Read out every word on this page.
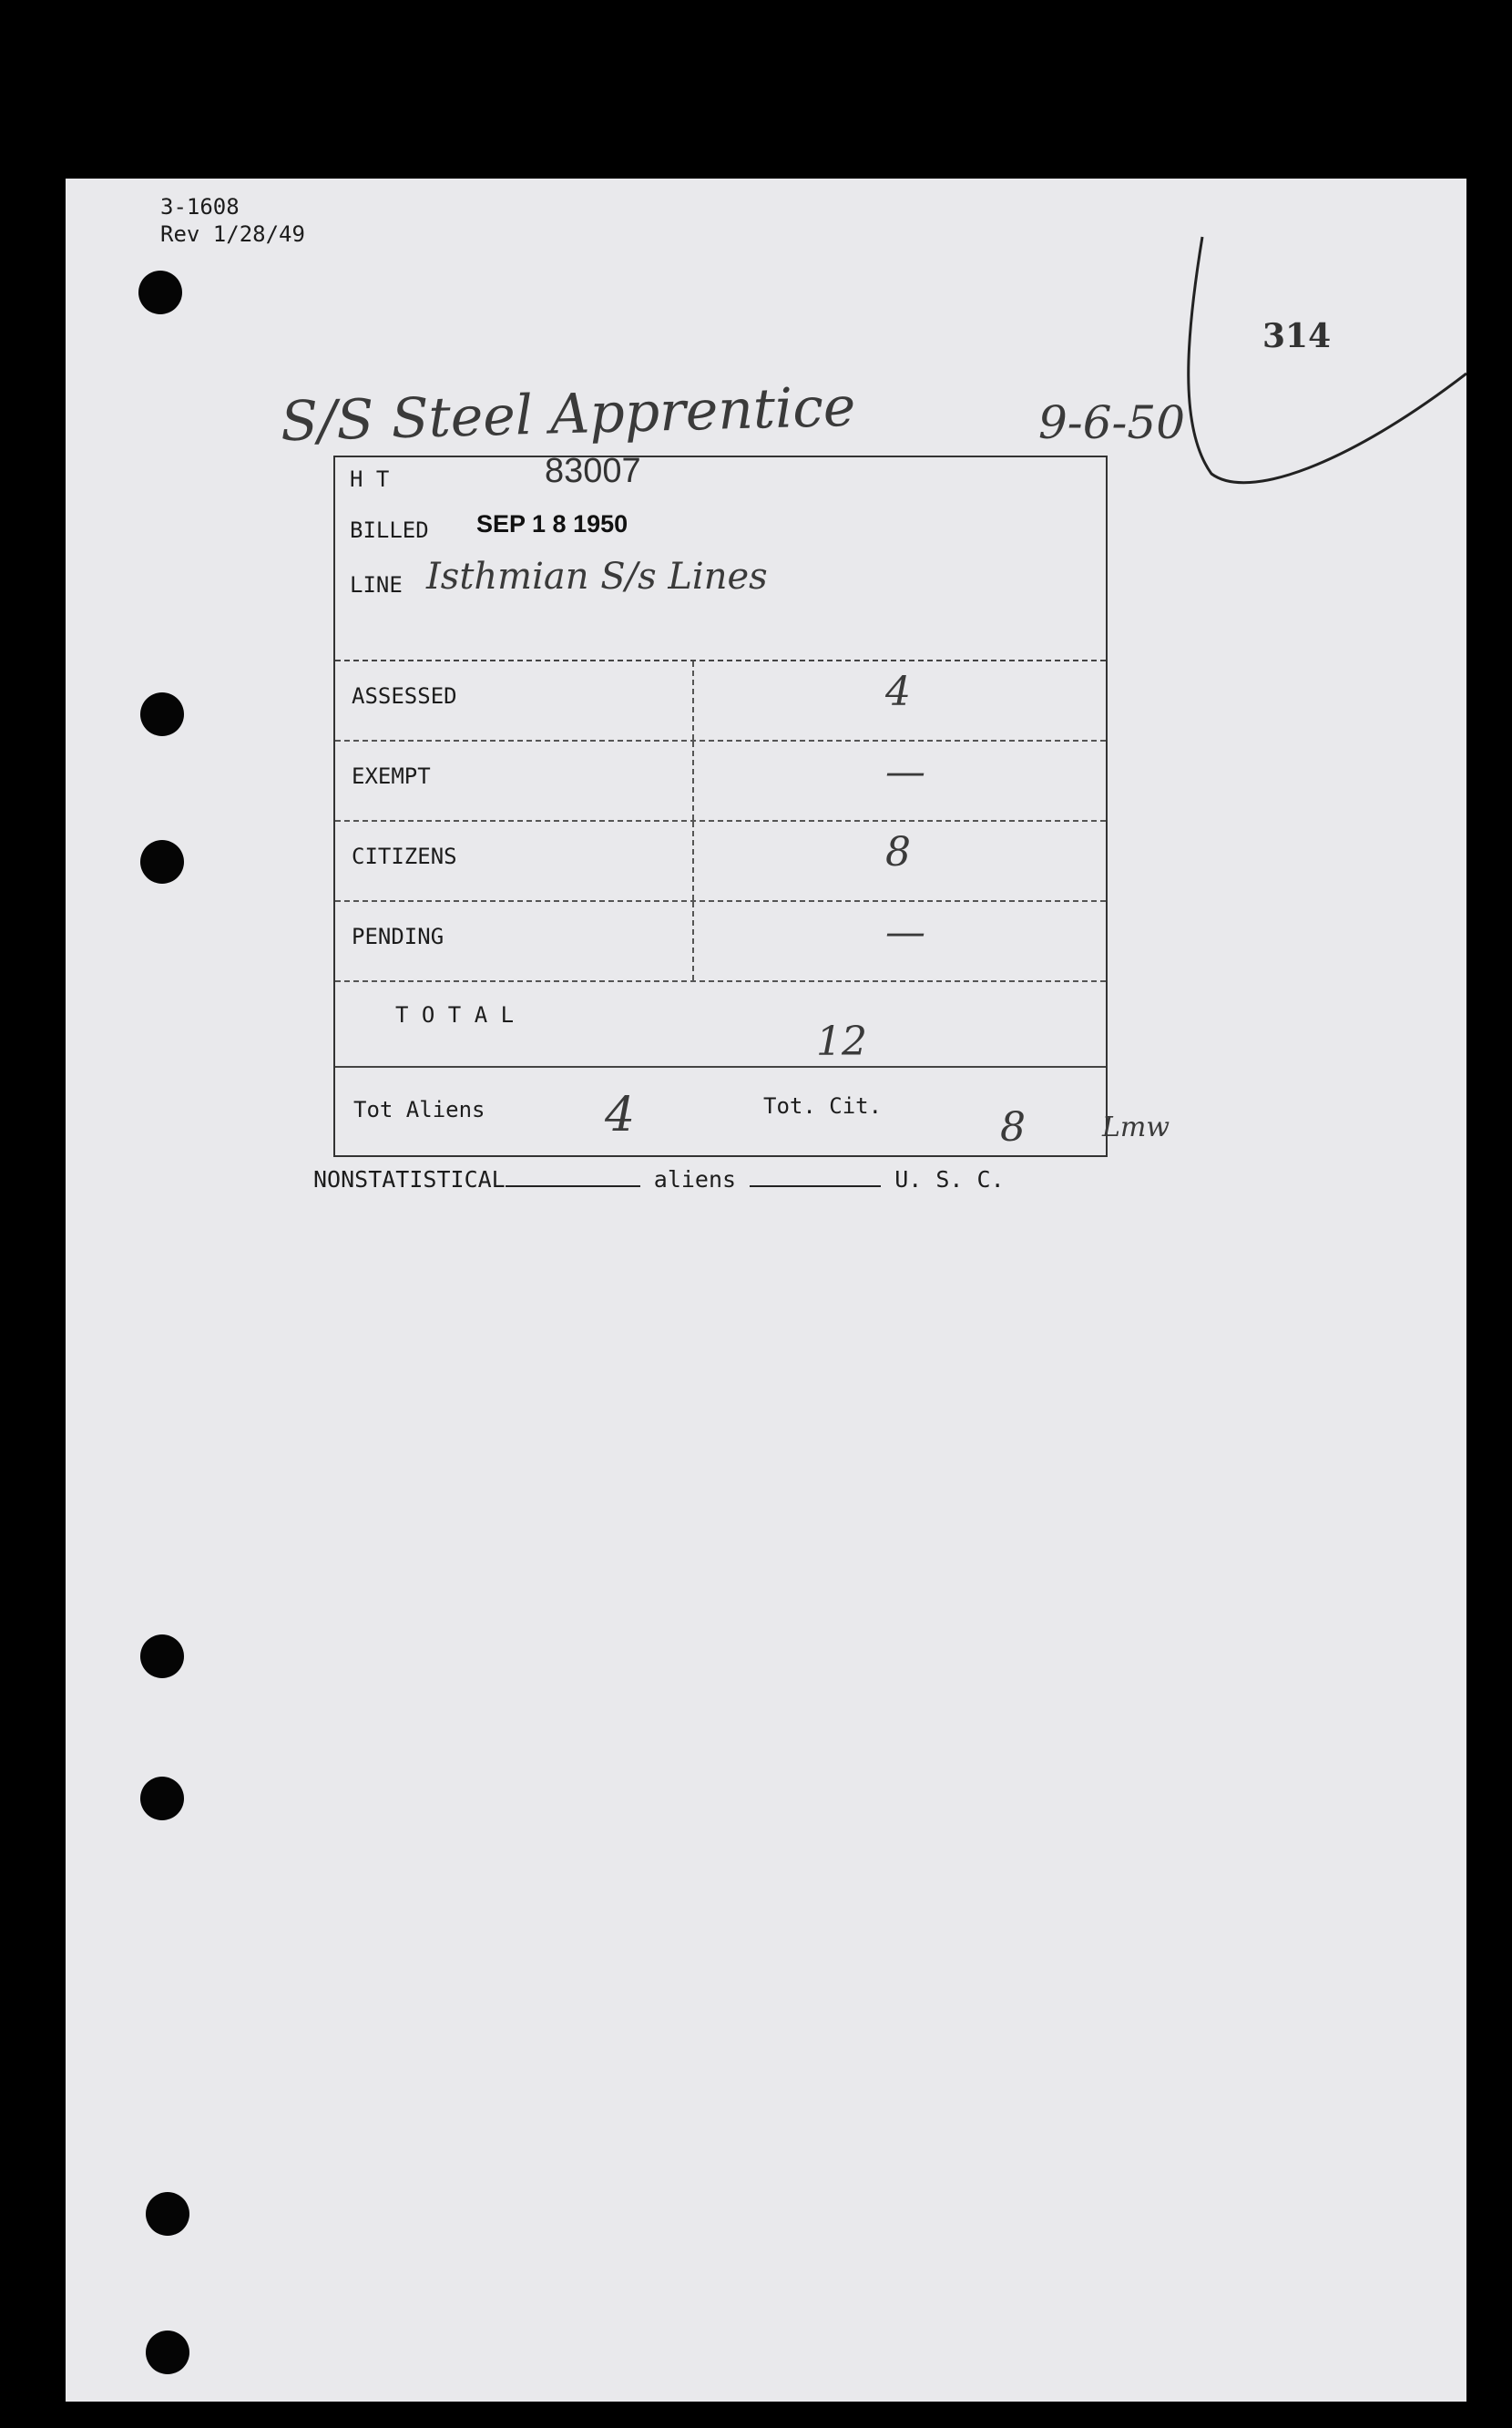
3-1608
Rev 1/28/49
314
S/S Steel Apprentice	9-6-50
H T	83007
BILLED SEP 1 8 1950
LINE Isthmian S/s Lines
ASSESSED	4
EXEMPT	—
CITIZENS	8
PENDING	—
T O T A L
12
Tot Aliens	4	Tot. Cit.	8	Lmw
NONSTATISTICAL	aliens	U. S. C.
